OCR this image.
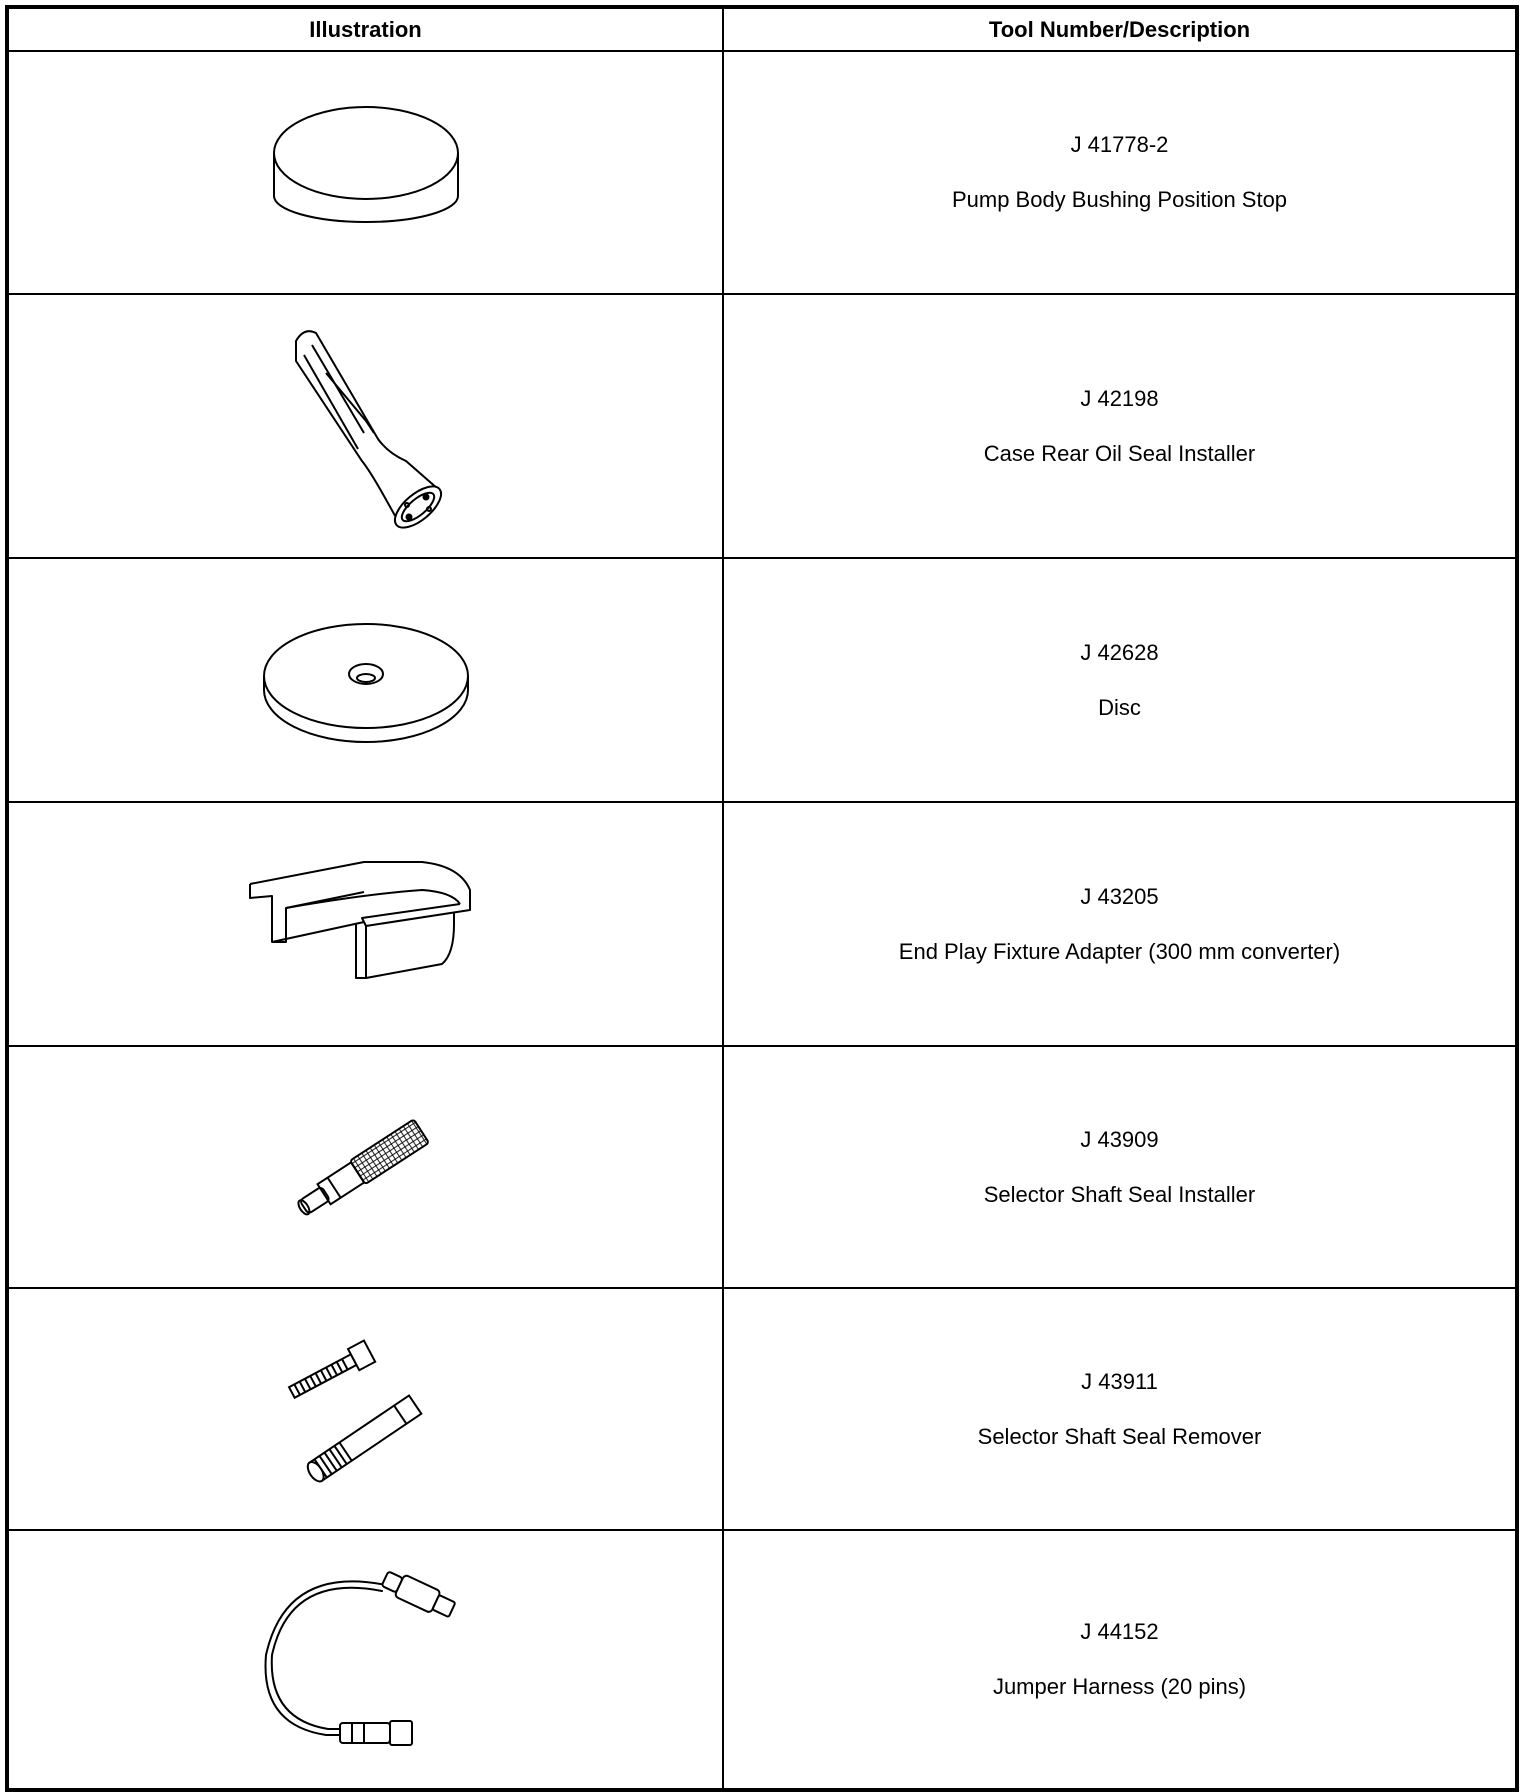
Illustration	Tool Number/Description

J 41778-2
Pump Body Bushing Position Stop

J 42198
Case Rear Oil Seal Installer

J 42628
Disc

J 43205
End Play Fixture Adapter (300 mm converter)

J 43909
Selector Shaft Seal Installer

J 43911
Selector Shaft Seal Remover

J 44152
Jumper Harness (20 pins)
